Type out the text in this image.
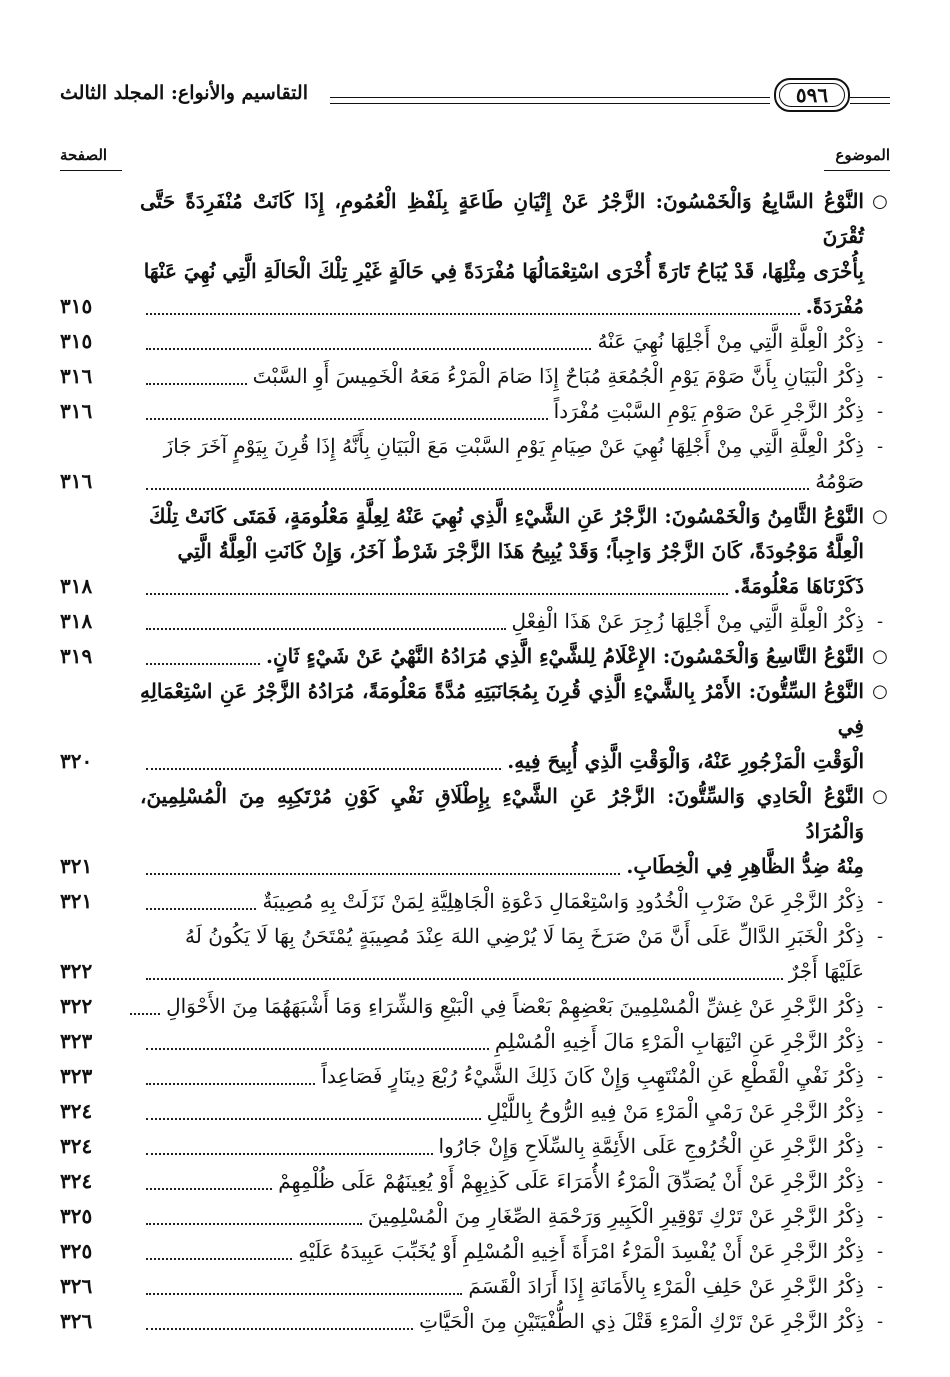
التقاسيم والأنواع: المجلد الثالث	٥٩٦
الموضوع
الصفحة
○
النَّوْعُ السَّابِعُ وَالْخَمْسُونَ: الزَّجْرُ عَنْ إِتْيَانِ طَاعَةٍ بِلَفْظِ الْعُمُومِ، إِذَا كَانَتْ مُنْفَرِدَةً حَتَّى تُقْرَنَ
بِأُخْرَى مِثْلِهَا، قَدْ يُبَاحُ تَارَةً أُخْرَى اسْتِعْمَالُهَا مُفْرَدَةً فِي حَالَةٍ غَيْرِ تِلْكَ الْحَالَةِ الَّتِي نُهِيَ عَنْهَا
مُفْرَدَةً.
٣١٥
-
ذِكْرُ الْعِلَّةِ الَّتِي مِنْ أَجْلِهَا نُهِيَ عَنْهُ
٣١٥
-
ذِكْرُ الْبَيَانِ بِأَنَّ صَوْمَ يَوْمِ الْجُمُعَةِ مُبَاحٌ إِذَا صَامَ الْمَرْءُ مَعَهُ الْخَمِيسَ أَوِ السَّبْتَ
٣١٦
-
ذِكْرُ الزَّجْرِ عَنْ صَوْمِ يَوْمِ السَّبْتِ مُفْرَداً
٣١٦
-
ذِكْرُ الْعِلَّةِ الَّتِي مِنْ أَجْلِهَا نُهِيَ عَنْ صِيَامِ يَوْمِ السَّبْتِ مَعَ الْبَيَانِ بِأَنَّهُ إِذَا قُرِنَ بِيَوْمٍ آخَرَ جَازَ
صَوْمُهُ
٣١٦
○
النَّوْعُ الثَّامِنُ وَالْخَمْسُونَ: الزَّجْرُ عَنِ الشَّيْءِ الَّذِي نُهِيَ عَنْهُ لِعِلَّةٍ مَعْلُومَةٍ، فَمَتَى كَانَتْ تِلْكَ
الْعِلَّةُ مَوْجُودَةً، كَانَ الزَّجْرُ وَاجِباً؛ وَقَدْ يُبِيحُ هَذَا الزَّجْرَ شَرْطٌ آخَرُ، وَإِنْ كَانَتِ الْعِلَّةُ الَّتِي
ذَكَرْنَاهَا مَعْلُومَةً.
٣١٨
-
ذِكْرُ الْعِلَّةِ الَّتِي مِنْ أَجْلِهَا زُجِرَ عَنْ هَذَا الْفِعْلِ
٣١٨
○
النَّوْعُ التَّاسِعُ وَالْخَمْسُونَ: الإِعْلَامُ لِلشَّيْءِ الَّذِي مُرَادُهُ النَّهْيُ عَنْ شَيْءٍ ثَانٍ.
٣١٩
○
النَّوْعُ السِّتُّونَ: الأَمْرُ بِالشَّيْءِ الَّذِي قُرِنَ بِمُجَانَبَتِهِ مُدَّةً مَعْلُومَةً، مُرَادُهُ الزَّجْرُ عَنِ اسْتِعْمَالِهِ فِي
الْوَقْتِ الْمَزْجُورِ عَنْهُ، وَالْوَقْتِ الَّذِي أُبِيحَ فِيهِ.
٣٢٠
○
النَّوْعُ الْحَادِي وَالسِّتُّونَ: الزَّجْرُ عَنِ الشَّيْءِ بِإِطْلَاقِ نَفْيِ كَوْنِ مُرْتَكِبِهِ مِنَ الْمُسْلِمِينَ، وَالْمُرَادُ
مِنْهُ ضِدُّ الظَّاهِرِ فِي الْخِطَابِ.
٣٢١
-
ذِكْرُ الزَّجْرِ عَنْ ضَرْبِ الْخُدُودِ وَاسْتِعْمَالِ دَعْوَةِ الْجَاهِلِيَّةِ لِمَنْ نَزَلَتْ بِهِ مُصِيبَةٌ
٣٢١
-
ذِكْرُ الْخَبَرِ الدَّالِّ عَلَى أَنَّ مَنْ صَرَخَ بِمَا لَا يُرْضِي اللهَ عِنْدَ مُصِيبَةٍ يُمْتَحَنُ بِهَا لَا يَكُونُ لَهُ
عَلَيْهَا أَجْرٌ
٣٢٢
-
ذِكْرُ الزَّجْرِ عَنْ غِشِّ الْمُسْلِمِينَ بَعْضِهِمْ بَعْضاً فِي الْبَيْعِ وَالشِّرَاءِ وَمَا أَشْبَهَهُمَا مِنَ الأَحْوَالِ
٣٢٢
-
ذِكْرُ الزَّجْرِ عَنِ انْتِهَابِ الْمَرْءِ مَالَ أَخِيهِ الْمُسْلِمِ
٣٢٣
-
ذِكْرُ نَفْيِ الْقَطْعِ عَنِ الْمُنْتَهِبِ وَإِنْ كَانَ ذَلِكَ الشَّيْءُ رُبْعَ دِينَارٍ فَصَاعِداً
٣٢٣
-
ذِكْرُ الزَّجْرِ عَنْ رَمْيِ الْمَرْءِ مَنْ فِيهِ الرُّوحُ بِاللَّيْلِ
٣٢٤
-
ذِكْرُ الزَّجْرِ عَنِ الْخُرُوجِ عَلَى الأَئِمَّةِ بِالسِّلَاحِ وَإِنْ جَارُوا
٣٢٤
-
ذِكْرُ الزَّجْرِ عَنْ أَنْ يُصَدِّقَ الْمَرْءُ الأُمَرَاءَ عَلَى كَذِبِهِمْ أَوْ يُعِينَهُمْ عَلَى ظُلْمِهِمْ
٣٢٤
-
ذِكْرُ الزَّجْرِ عَنْ تَرْكِ تَوْقِيرِ الْكَبِيرِ وَرَحْمَةِ الصِّغَارِ مِنَ الْمُسْلِمِينَ
٣٢٥
-
ذِكْرُ الزَّجْرِ عَنْ أَنْ يُفْسِدَ الْمَرْءُ امْرَأَةَ أَخِيهِ الْمُسْلِمِ أَوْ يُخَبِّبَ عَبِيدَهُ عَلَيْهِ
٣٢٥
-
ذِكْرُ الزَّجْرِ عَنْ حَلِفِ الْمَرْءِ بِالأَمَانَةِ إِذَا أَرَادَ الْقَسَمَ
٣٢٦
-
ذِكْرُ الزَّجْرِ عَنْ تَرْكِ الْمَرْءِ قَتْلَ ذِي الطُّفْيَتَيْنِ مِنَ الْحَيَّاتِ
٣٢٦
